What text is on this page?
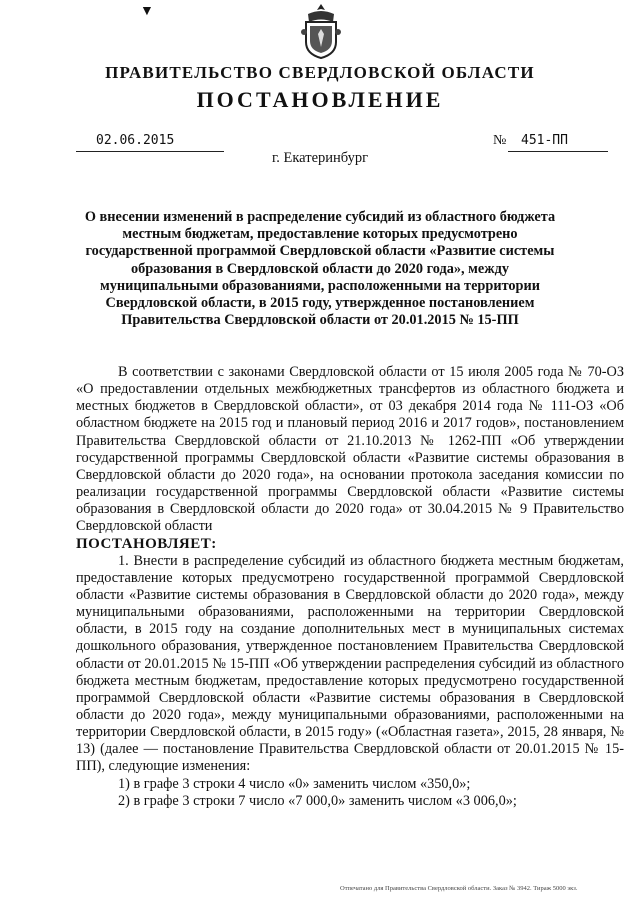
▼
ПРАВИТЕЛЬСТВО СВЕРДЛОВСКОЙ ОБЛАСТИ
ПОСТАНОВЛЕНИЕ
02.06.2015	№ 451-ПП
г. Екатеринбург
О внесении изменений в распределение субсидий из областного бюджета местным бюджетам, предоставление которых предусмотрено государственной программой Свердловской области «Развитие системы образования в Свердловской области до 2020 года», между муниципальными образованиями, расположенными на территории Свердловской области, в 2015 году, утвержденное постановлением Правительства Свердловской области от 20.01.2015 № 15-ПП

В соответствии с законами Свердловской области от 15 июля 2005 года № 70-ОЗ «О предоставлении отдельных межбюджетных трансфертов из областного бюджета и местных бюджетов в Свердловской области», от 03 декабря 2014 года № 111-ОЗ «Об областном бюджете на 2015 год и плановый период 2016 и 2017 годов», постановлением Правительства Свердловской области от 21.10.2013 № 1262-ПП «Об утверждении государственной программы Свердловской области «Развитие системы образования в Свердловской области до 2020 года», на основании протокола заседания комиссии по реализации государственной программы Свердловской области «Развитие системы образования в Свердловской области до 2020 года» от 30.04.2015 № 9 Правительство Свердловской области

ПОСТАНОВЛЯЕТ:

1. Внести в распределение субсидий из областного бюджета местным бюджетам, предоставление которых предусмотрено государственной программой Свердловской области «Развитие системы образования в Свердловской области до 2020 года», между муниципальными образованиями, расположенными на территории Свердловской области, в 2015 году на создание дополнительных мест в муниципальных системах дошкольного образования, утвержденное постановлением Правительства Свердловской области от 20.01.2015 № 15-ПП «Об утверждении распределения субсидий из областного бюджета местным бюджетам, предоставление которых предусмотрено государственной программой Свердловской области «Развитие системы образования в Свердловской области до 2020 года», между муниципальными образованиями, расположенными на территории Свердловской области, в 2015 году» («Областная газета», 2015, 28 января, № 13) (далее — постановление Правительства Свердловской области от 20.01.2015 № 15-ПП), следующие изменения:

1) в графе 3 строки 4 число «0» заменить числом «350,0»;

2) в графе 3 строки 7 число «7 000,0» заменить числом «3 006,0»;

Отпечатано для Правительства Свердловской области. Заказ № 3942. Тираж 5000 экз.
